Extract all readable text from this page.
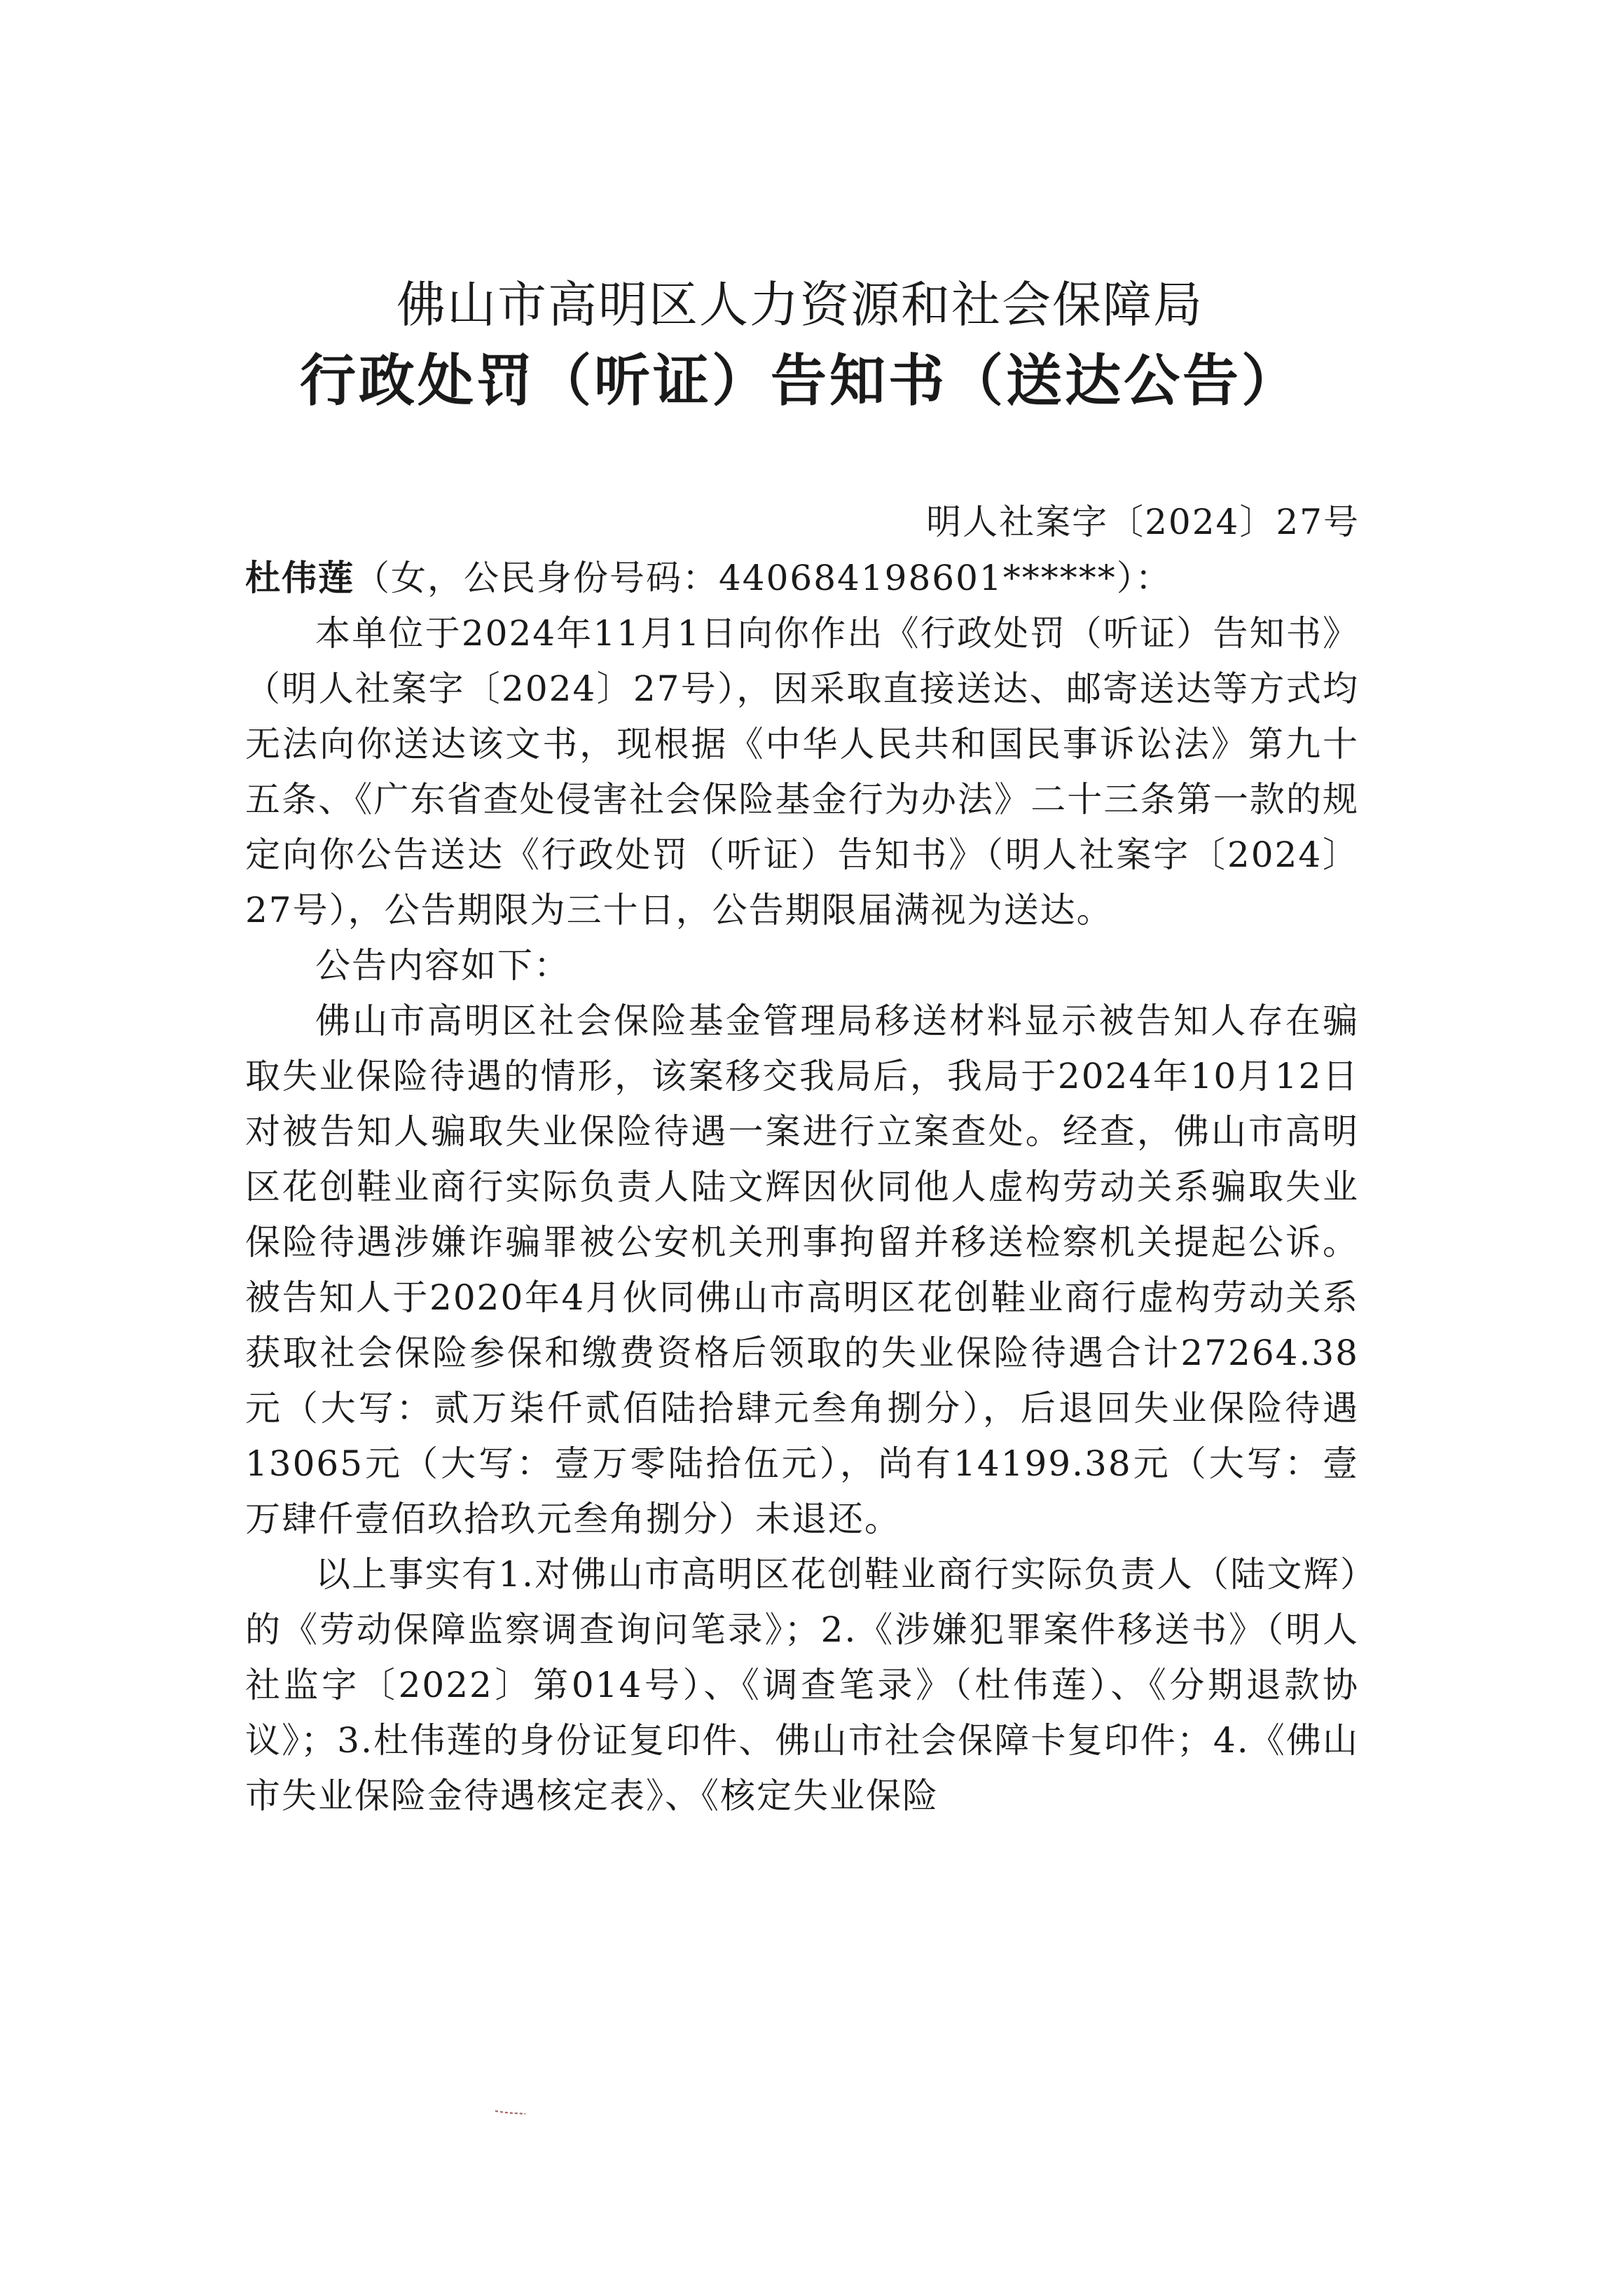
佛山市高明区人力资源和社会保障局
行政处罚（听证）告知书（送达公告）
明人社案字〔2024〕27号

杜伟莲（女，公民身份号码：440684198601******）：

本单位于2024年11月1日向你作出《行政处罚（听证）告知书》（明人社案字〔2024〕27号），因采取直接送达、邮寄送达等方式均无法向你送达该文书，现根据《中华人民共和国民事诉讼法》第九十五条、《广东省查处侵害社会保险基金行为办法》二十三条第一款的规定向你公告送达《行政处罚（听证）告知书》（明人社案字〔2024〕27号），公告期限为三十日，公告期限届满视为送达。

公告内容如下：

佛山市高明区社会保险基金管理局移送材料显示被告知人存在骗取失业保险待遇的情形，该案移交我局后，我局于2024年10月12日对被告知人骗取失业保险待遇一案进行立案查处。经查，佛山市高明区花创鞋业商行实际负责人陆文辉因伙同他人虚构劳动关系骗取失业保险待遇涉嫌诈骗罪被公安机关刑事拘留并移送检察机关提起公诉。被告知人于2020年4月伙同佛山市高明区花创鞋业商行虚构劳动关系获取社会保险参保和缴费资格后领取的失业保险待遇合计27264.38元（大写：贰万柒仟贰佰陆拾肆元叁角捌分），后退回失业保险待遇13065元（大写：壹万零陆拾伍元），尚有14199.38元（大写：壹万肆仟壹佰玖拾玖元叁角捌分）未退还。

以上事实有1.对佛山市高明区花创鞋业商行实际负责人（陆文辉）的《劳动保障监察调查询问笔录》；2.《涉嫌犯罪案件移送书》（明人社监字〔2022〕第014号）、《调查笔录》（杜伟莲）、《分期退款协议》；3.杜伟莲的身份证复印件、佛山市社会保障卡复印件；4.《佛山市失业保险金待遇核定表》、《核定失业保险
